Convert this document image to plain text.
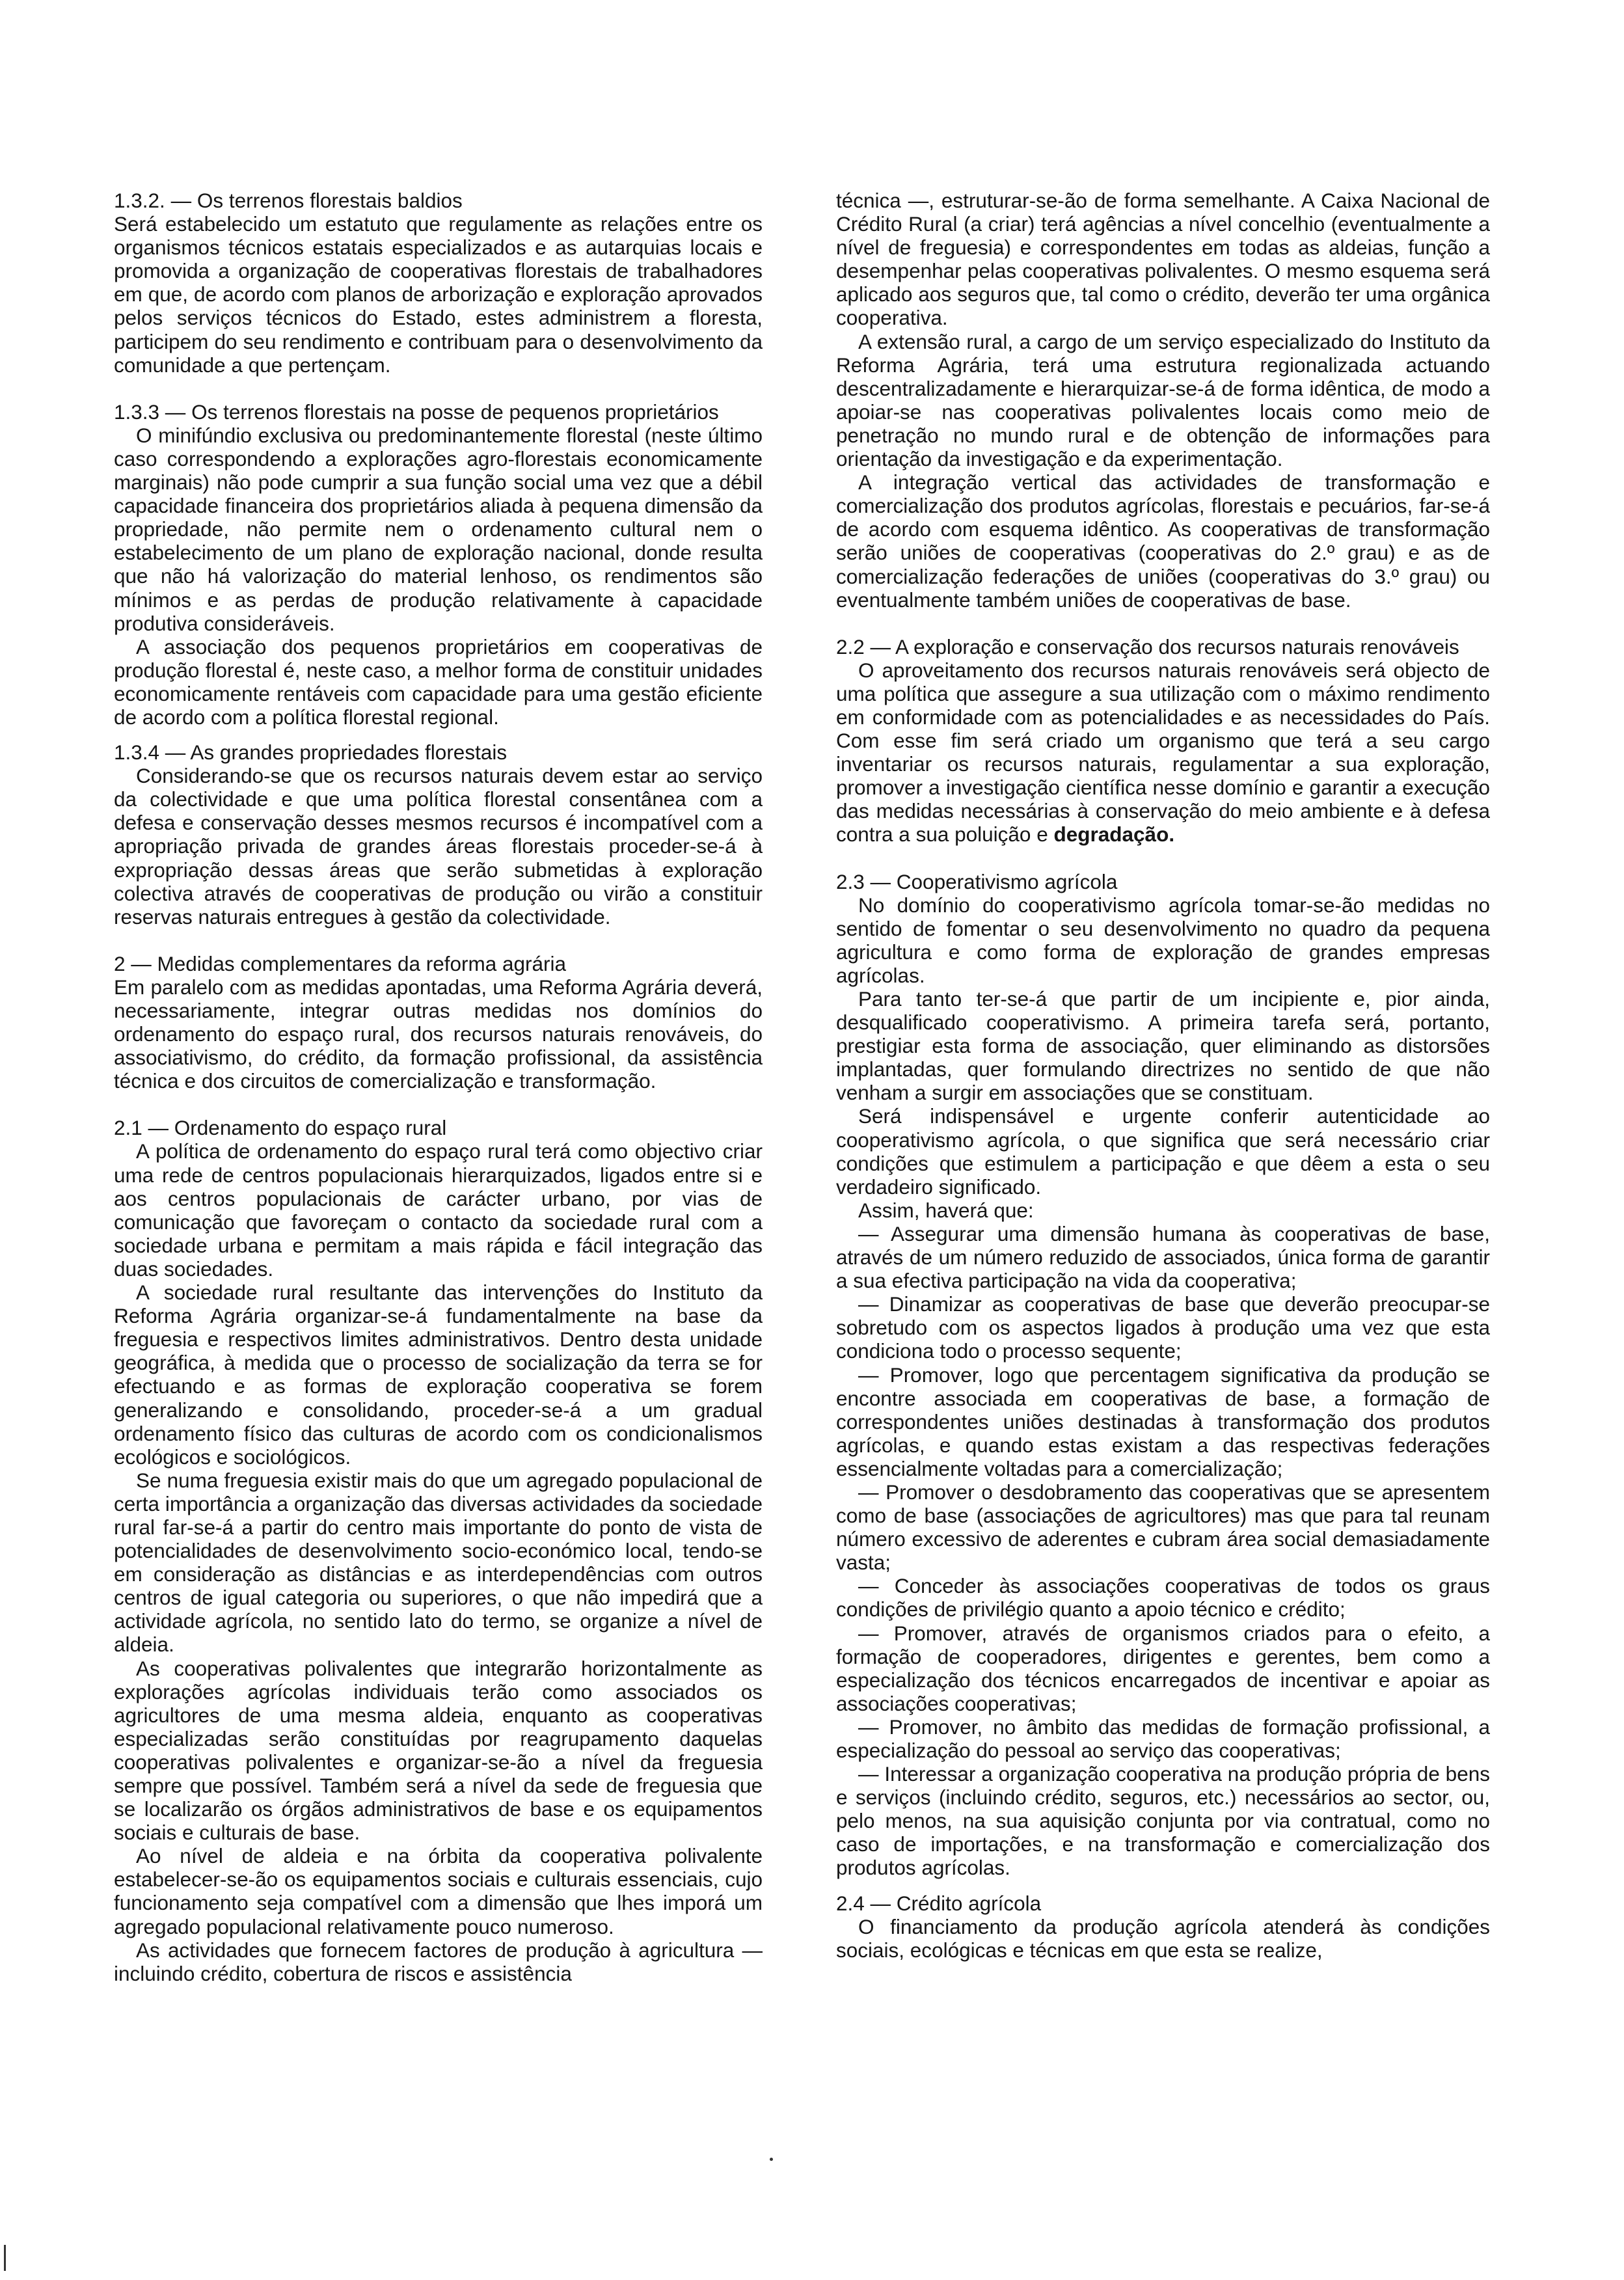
1.3.2. — Os terrenos florestais baldios

Será estabelecido um estatuto que regulamente as relações entre os organismos técnicos estatais especializados e as autarquias locais e promovida a organização de cooperativas florestais de trabalhadores em que, de acordo com planos de arborização e exploração aprovados pelos serviços técnicos do Estado, estes administrem a floresta, participem do seu rendimento e contribuam para o desenvolvimento da comunidade a que pertençam.

1.3.3 — Os terrenos florestais na posse de pequenos proprietários

O minifúndio exclusiva ou predominantemente florestal (neste último caso correspondendo a explorações agro-florestais economicamente marginais) não pode cumprir a sua função social uma vez que a débil capacidade financeira dos proprietários aliada à pequena dimensão da propriedade, não permite nem o ordenamento cultural nem o estabelecimento de um plano de exploração nacional, donde resulta que não há valorização do material lenhoso, os rendimentos são mínimos e as perdas de produção relativamente à capacidade produtiva consideráveis.

A associação dos pequenos proprietários em cooperativas de produção florestal é, neste caso, a melhor forma de constituir unidades economicamente rentáveis com capacidade para uma gestão eficiente de acordo com a política florestal regional.

1.3.4 — As grandes propriedades florestais

Considerando-se que os recursos naturais devem estar ao serviço da colectividade e que uma política florestal consentânea com a defesa e conservação desses mesmos recursos é incompatível com a apropriação privada de grandes áreas florestais proceder-se-á à expropriação dessas áreas que serão submetidas à exploração colectiva através de cooperativas de produção ou virão a constituir reservas naturais entregues à gestão da colectividade.

2 — Medidas complementares da reforma agrária

Em paralelo com as medidas apontadas, uma Reforma Agrária deverá, necessariamente, integrar outras medidas nos domínios do ordenamento do espaço rural, dos recursos naturais renováveis, do associativismo, do crédito, da formação profissional, da assistência técnica e dos circuitos de comercialização e transformação.

2.1 — Ordenamento do espaço rural

A política de ordenamento do espaço rural terá como objectivo criar uma rede de centros populacionais hierarquizados, ligados entre si e aos centros populacionais de carácter urbano, por vias de comunicação que favoreçam o contacto da sociedade rural com a sociedade urbana e permitam a mais rápida e fácil integração das duas sociedades.

A sociedade rural resultante das intervenções do Instituto da Reforma Agrária organizar-se-á fundamentalmente na base da freguesia e respectivos limites administrativos. Dentro desta unidade geográfica, à medida que o processo de socialização da terra se for efectuando e as formas de exploração cooperativa se forem generalizando e consolidando, proceder-se-á a um gradual ordenamento físico das culturas de acordo com os condicionalismos ecológicos e sociológicos.

Se numa freguesia existir mais do que um agregado populacional de certa importância a organização das diversas actividades da sociedade rural far-se-á a partir do centro mais importante do ponto de vista de potencialidades de desenvolvimento socio-económico local, tendo-se em consideração as distâncias e as interdependências com outros centros de igual categoria ou superiores, o que não impedirá que a actividade agrícola, no sentido lato do termo, se organize a nível de aldeia.

As cooperativas polivalentes que integrarão horizontalmente as explorações agrícolas individuais terão como associados os agricultores de uma mesma aldeia, enquanto as cooperativas especializadas serão constituídas por reagrupamento daquelas cooperativas polivalentes e organizar-se-ão a nível da freguesia sempre que possível. Também será a nível da sede de freguesia que se localizarão os órgãos administrativos de base e os equipamentos sociais e culturais de base.

Ao nível de aldeia e na órbita da cooperativa polivalente estabelecer-se-ão os equipamentos sociais e culturais essenciais, cujo funcionamento seja compatível com a dimensão que lhes imporá um agregado populacional relativamente pouco numeroso.

As actividades que fornecem factores de produção à agricultura — incluindo crédito, cobertura de riscos e assistência

técnica —, estruturar-se-ão de forma semelhante. A Caixa Nacional de Crédito Rural (a criar) terá agências a nível concelhio (eventualmente a nível de freguesia) e correspondentes em todas as aldeias, função a desempenhar pelas cooperativas polivalentes. O mesmo esquema será aplicado aos seguros que, tal como o crédito, deverão ter uma orgânica cooperativa.

A extensão rural, a cargo de um serviço especializado do Instituto da Reforma Agrária, terá uma estrutura regionalizada actuando descentralizadamente e hierarquizar-se-á de forma idêntica, de modo a apoiar-se nas cooperativas polivalentes locais como meio de penetração no mundo rural e de obtenção de informações para orientação da investigação e da experimentação.

A integração vertical das actividades de transformação e comercialização dos produtos agrícolas, florestais e pecuários, far-se-á de acordo com esquema idêntico. As cooperativas de transformação serão uniões de cooperativas (cooperativas do 2.º grau) e as de comercialização federações de uniões (cooperativas do 3.º grau) ou eventualmente também uniões de cooperativas de base.

2.2 — A exploração e conservação dos recursos naturais renováveis

O aproveitamento dos recursos naturais renováveis será objecto de uma política que assegure a sua utilização com o máximo rendimento em conformidade com as potencialidades e as necessidades do País. Com esse fim será criado um organismo que terá a seu cargo inventariar os recursos naturais, regulamentar a sua exploração, promover a investigação científica nesse domínio e garantir a execução das medidas necessárias à conservação do meio ambiente e à defesa contra a sua poluição e degradação.

2.3 — Cooperativismo agrícola

No domínio do cooperativismo agrícola tomar-se-ão medidas no sentido de fomentar o seu desenvolvimento no quadro da pequena agricultura e como forma de exploração de grandes empresas agrícolas.

Para tanto ter-se-á que partir de um incipiente e, pior ainda, desqualificado cooperativismo. A primeira tarefa será, portanto, prestigiar esta forma de associação, quer eliminando as distorsões implantadas, quer formulando directrizes no sentido de que não venham a surgir em associações que se constituam.

Será indispensável e urgente conferir autenticidade ao cooperativismo agrícola, o que significa que será necessário criar condições que estimulem a participação e que dêem a esta o seu verdadeiro significado.

Assim, haverá que:

— Assegurar uma dimensão humana às cooperativas de base, através de um número reduzido de associados, única forma de garantir a sua efectiva participação na vida da cooperativa;

— Dinamizar as cooperativas de base que deverão preocupar-se sobretudo com os aspectos ligados à produção uma vez que esta condiciona todo o processo sequente;

— Promover, logo que percentagem significativa da produção se encontre associada em cooperativas de base, a formação de correspondentes uniões destinadas à transformação dos produtos agrícolas, e quando estas existam a das respectivas federações essencialmente voltadas para a comercialização;

— Promover o desdobramento das cooperativas que se apresentem como de base (associações de agricultores) mas que para tal reunam número excessivo de aderentes e cubram área social demasiadamente vasta;

— Conceder às associações cooperativas de todos os graus condições de privilégio quanto a apoio técnico e crédito;

— Promover, através de organismos criados para o efeito, a formação de cooperadores, dirigentes e gerentes, bem como a especialização dos técnicos encarregados de incentivar e apoiar as associações cooperativas;

— Promover, no âmbito das medidas de formação profissional, a especialização do pessoal ao serviço das cooperativas;

— Interessar a organização cooperativa na produção própria de bens e serviços (incluindo crédito, seguros, etc.) necessários ao sector, ou, pelo menos, na sua aquisição conjunta por via contratual, como no caso de importações, e na transformação e comercialização dos produtos agrícolas.

2.4 — Crédito agrícola

O financiamento da produção agrícola atenderá às condições sociais, ecológicas e técnicas em que esta se realize,
